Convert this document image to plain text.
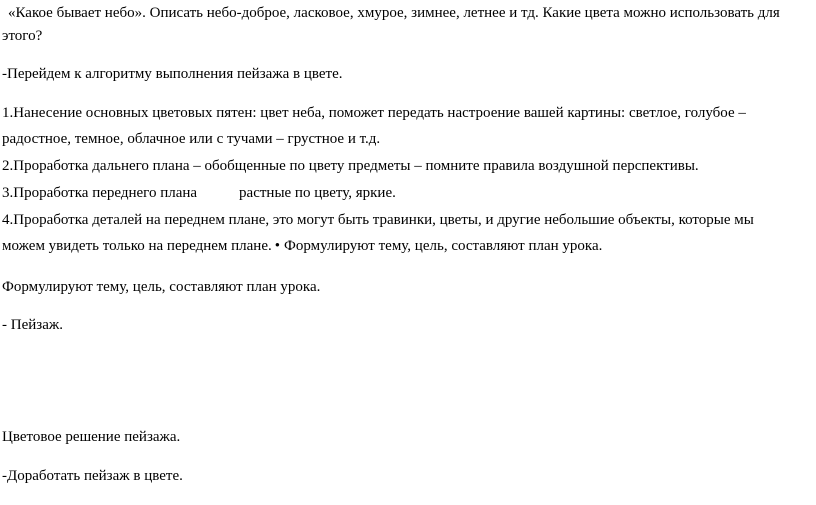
«Какое бывает небо». Описать небо-доброе, ласковое, хмурое, зимнее, летнее и тд. Какие цвета можно использовать для
этого?
-Перейдем к алгоритму выполнения пейзажа в цвете.
1.Нанесение основных цветовых пятен: цвет неба, поможет передать настроение вашей картины: светлое, голубое –
радостное, темное, облачное или с тучами – грустное и т.д.
2.Проработка дальнего плана – обобщенные по цвету предметы – помните правила воздушной перспективы.
3.Проработка переднего плана	растные по цвету, яркие.
4.Проработка деталей на переднем плане, это могут быть травинки, цветы, и другие небольшие объекты, которые мы
можем увидеть только на переднем плане. • Формулируют тему, цель, составляют план урока.
Формулируют тему, цель, составляют план урока.
- Пейзаж.
Цветовое решение пейзажа.
-Доработать пейзаж в цвете.
